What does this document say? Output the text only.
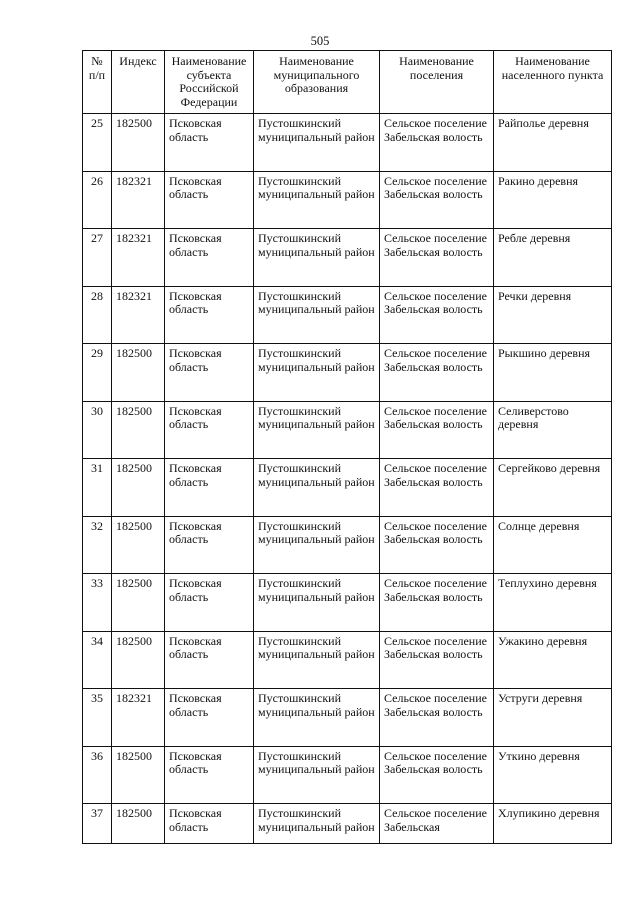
505
№ п/п	Индекс	Наименование субъекта Российской Федерации	Наименование муниципального образования	Наименование поселения	Наименование населенного пункта
25	182500	Псковская область	Пустошкинский муниципальный район	Сельское поселение Забельская волость	Райполье деревня
26	182321	Псковская область	Пустошкинский муниципальный район	Сельское поселение Забельская волость	Ракино деревня
27	182321	Псковская область	Пустошкинский муниципальный район	Сельское поселение Забельская волость	Ребле деревня
28	182321	Псковская область	Пустошкинский муниципальный район	Сельское поселение Забельская волость	Речки деревня
29	182500	Псковская область	Пустошкинский муниципальный район	Сельское поселение Забельская волость	Рыкшино деревня
30	182500	Псковская область	Пустошкинский муниципальный район	Сельское поселение Забельская волость	Селиверстово деревня
31	182500	Псковская область	Пустошкинский муниципальный район	Сельское поселение Забельская волость	Сергейково деревня
32	182500	Псковская область	Пустошкинский муниципальный район	Сельское поселение Забельская волость	Солнце деревня
33	182500	Псковская область	Пустошкинский муниципальный район	Сельское поселение Забельская волость	Теплухино деревня
34	182500	Псковская область	Пустошкинский муниципальный район	Сельское поселение Забельская волость	Ужакино деревня
35	182321	Псковская область	Пустошкинский муниципальный район	Сельское поселение Забельская волость	Уструги деревня
36	182500	Псковская область	Пустошкинский муниципальный район	Сельское поселение Забельская волость	Уткино деревня
37	182500	Псковская область	Пустошкинский муниципальный район	Сельское поселение Забельская	Хлупикино деревня
